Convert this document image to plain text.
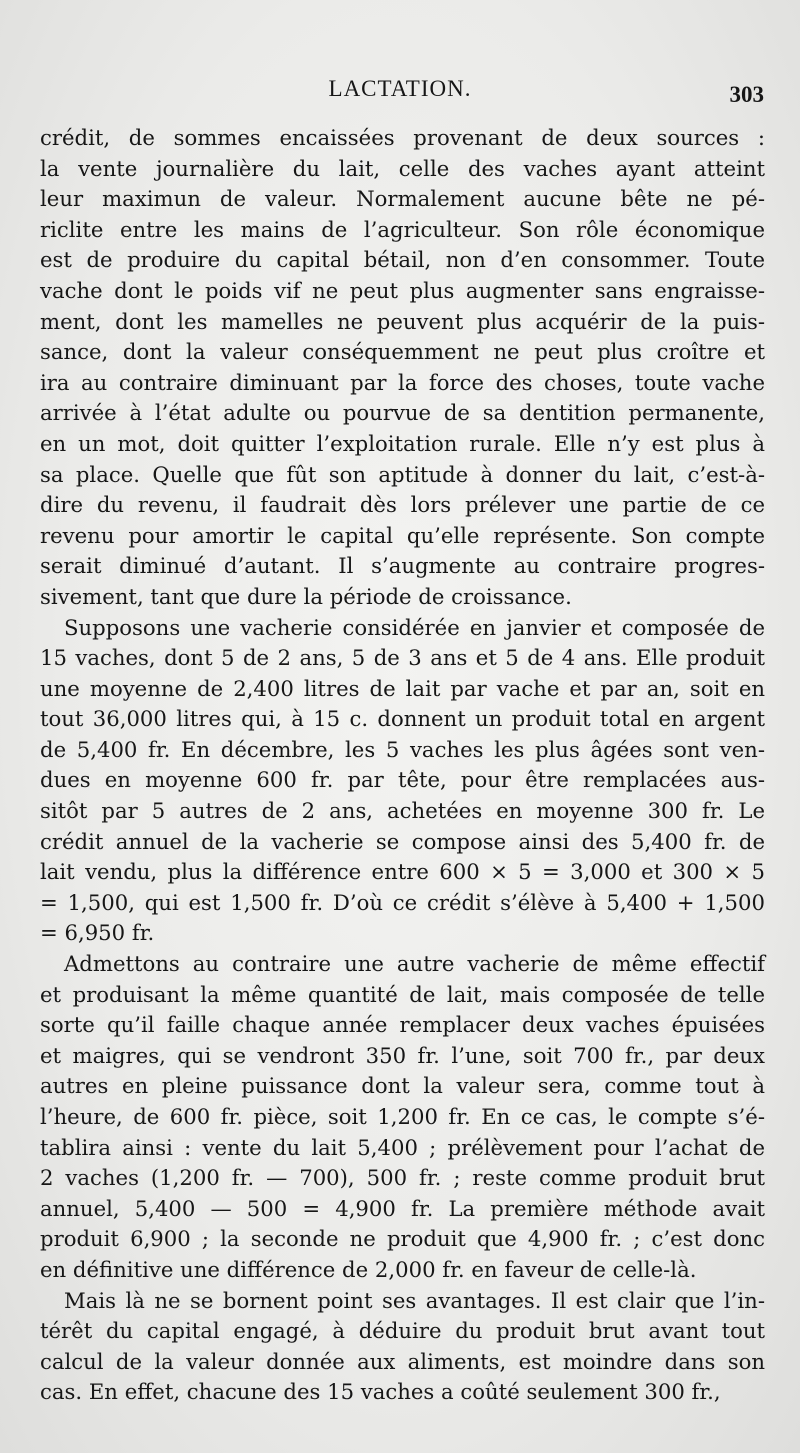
LACTATION.	303
crédit, de sommes encaissées provenant de deux sources :
la vente journalière du lait, celle des vaches ayant atteint
leur maximun de valeur. Normalement aucune bête ne pé-
riclite entre les mains de l’agriculteur. Son rôle économique
est de produire du capital bétail, non d’en consommer. Toute
vache dont le poids vif ne peut plus augmenter sans engraisse-
ment, dont les mamelles ne peuvent plus acquérir de la puis-
sance, dont la valeur conséquemment ne peut plus croître et
ira au contraire diminuant par la force des choses, toute vache
arrivée à l’état adulte ou pourvue de sa dentition permanente,
en un mot, doit quitter l’exploitation rurale. Elle n’y est plus à
sa place. Quelle que fût son aptitude à donner du lait, c’est-à-
dire du revenu, il faudrait dès lors prélever une partie de ce
revenu pour amortir le capital qu’elle représente. Son compte
serait diminué d’autant. Il s’augmente au contraire progres-
sivement, tant que dure la période de croissance.
Supposons une vacherie considérée en janvier et composée de
15 vaches, dont 5 de 2 ans, 5 de 3 ans et 5 de 4 ans. Elle produit
une moyenne de 2,400 litres de lait par vache et par an, soit en
tout 36,000 litres qui, à 15 c. donnent un produit total en argent
de 5,400 fr. En décembre, les 5 vaches les plus âgées sont ven-
dues en moyenne 600 fr. par tête, pour être remplacées aus-
sitôt par 5 autres de 2 ans, achetées en moyenne 300 fr. Le
crédit annuel de la vacherie se compose ainsi des 5,400 fr. de
lait vendu, plus la différence entre 600 × 5 = 3,000 et 300 × 5
= 1,500, qui est 1,500 fr. D’où ce crédit s’élève à 5,400 + 1,500
= 6,950 fr.
Admettons au contraire une autre vacherie de même effectif
et produisant la même quantité de lait, mais composée de telle
sorte qu’il faille chaque année remplacer deux vaches épuisées
et maigres, qui se vendront 350 fr. l’une, soit 700 fr., par deux
autres en pleine puissance dont la valeur sera, comme tout à
l’heure, de 600 fr. pièce, soit 1,200 fr. En ce cas, le compte s’é-
tablira ainsi : vente du lait 5,400 ; prélèvement pour l’achat de
2 vaches (1,200 fr. — 700), 500 fr. ; reste comme produit brut
annuel, 5,400 — 500 = 4,900 fr. La première méthode avait
produit 6,900 ; la seconde ne produit que 4,900 fr. ; c’est donc
en définitive une différence de 2,000 fr. en faveur de celle-là.
Mais là ne se bornent point ses avantages. Il est clair que l’in-
térêt du capital engagé, à déduire du produit brut avant tout
calcul de la valeur donnée aux aliments, est moindre dans son
cas. En effet, chacune des 15 vaches a coûté seulement 300 fr.,
